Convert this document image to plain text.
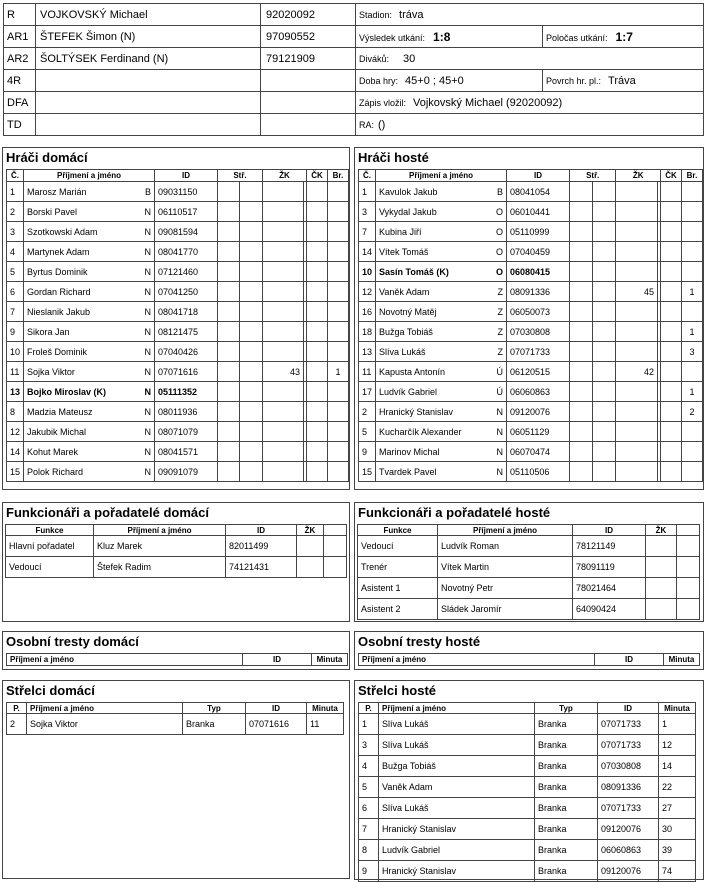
R	VOJKOVSKÝ Michael	92020092	Stadion: tráva	
AR1	ŠTEFEK Šimon (N)	97090552	Výsledek utkání: 1:8	Poločas utkání: 1:7
AR2	ŠOLTÝSEK Ferdinand (N)	79121909	Diváků: 30	
4R			Doba hry: 45+0 ; 45+0	Povrch hr. pl.: Tráva
DFA			Zápis vložil: Vojkovský Michael (92020092)	
TD			RA: ()	
Hráči domácí
Č.	Příjmení a jméno	ID	Stř.		ŽK		ČK	Br.
1	Marosz Marián B	09031150						
2	Borski Pavel N	06110517						
3	Szotkowski Adam N	09081594						
4	Martynek Adam N	08041770						
5	Byrtus Dominik N	07121460						
6	Gordan Richard N	07041250						
7	Nieslanik Jakub N	08041718						
9	Sikora Jan N	08121475						
10	Froleš Dominik N	07040426						
11	Sojka Viktor N	07071616			43			1
13	Bojko Miroslav (K) N	05111352						
8	Madzia Mateusz N	08011936						
12	Jakubik Michal N	08071079						
14	Kohut Marek N	08041571						
15	Polok Richard N	09091079						
Hráči hosté
Č.	Příjmení a jméno	ID	Stř.		ŽK		ČK	Br.
1	Kavulok Jakub B	08041054						
3	Vykydal Jakub O	06010441						
7	Kubina Jiří O	05110999						
14	Vítek Tomáš O	07040459						
10	Sasín Tomáš (K) O	06080415						
12	Vaněk Adam Z	08091336			45			1
16	Novotný Matěj Z	06050073						
18	Bužga Tobiáš Z	07030808						1
13	Slíva Lukáš Z	07071733						3
11	Kapusta Antonín Ú	06120515			42			
17	Ludvík Gabriel Ú	06060863						1
2	Hranický Stanislav N	09120076						2
5	Kucharčík Alexander N	06051129						
9	Marinov Michal N	06070474						
15	Tvardek Pavel N	05110506						
Funkcionáři a pořadatelé domácí
Funkce	Příjmení a jméno	ID	ŽK	
Hlavní pořadatel	Kluz Marek	82011499		
Vedoucí	Štefek Radim	74121431		
Funkcionáři a pořadatelé hosté
Funkce	Příjmení a jméno	ID	ŽK	
Vedoucí	Ludvík Roman	78121149		
Trenér	Vítek Martin	78091119		
Asistent 1	Novotný Petr	78021464		
Asistent 2	Sládek Jaromír	64090424		
Osobní tresty domácí
Příjmení a jméno	ID	Minuta
Osobní tresty hosté
Příjmení a jméno	ID	Minuta
Střelci domácí
P.	Příjmení a jméno	Typ	ID	Minuta
2	Sojka Viktor	Branka	07071616	11
Střelci hosté
P.	Příjmení a jméno	Typ	ID	Minuta
1	Slíva Lukáš	Branka	07071733	1
3	Slíva Lukáš	Branka	07071733	12
4	Bužga Tobiáš	Branka	07030808	14
5	Vaněk Adam	Branka	08091336	22
6	Slíva Lukáš	Branka	07071733	27
7	Hranický Stanislav	Branka	09120076	30
8	Ludvík Gabriel	Branka	06060863	39
9	Hranický Stanislav	Branka	09120076	74
